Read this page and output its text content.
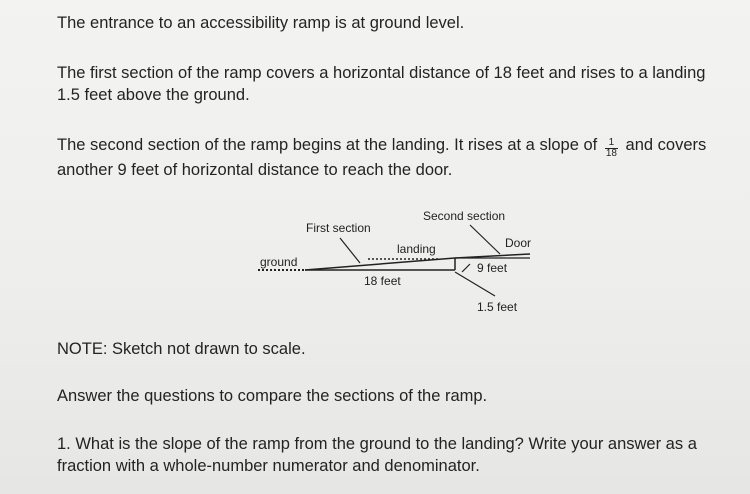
The entrance to an accessibility ramp is at ground level.

The first section of the ramp covers a horizontal distance of 18 feet and rises to a landing 1.5 feet above the ground.

The second section of the ramp begins at the landing. It rises at a slope of $\frac{1}{18}$ and covers another 9 feet of horizontal distance to reach the door.

ground
First section
Second section
landing	Door
18 feet
9 feet
1.5 feet

NOTE: Sketch not drawn to scale.

Answer the questions to compare the sections of the ramp.

1. What is the slope of the ramp from the ground to the landing? Write your answer as a fraction with a whole-number numerator and denominator.
